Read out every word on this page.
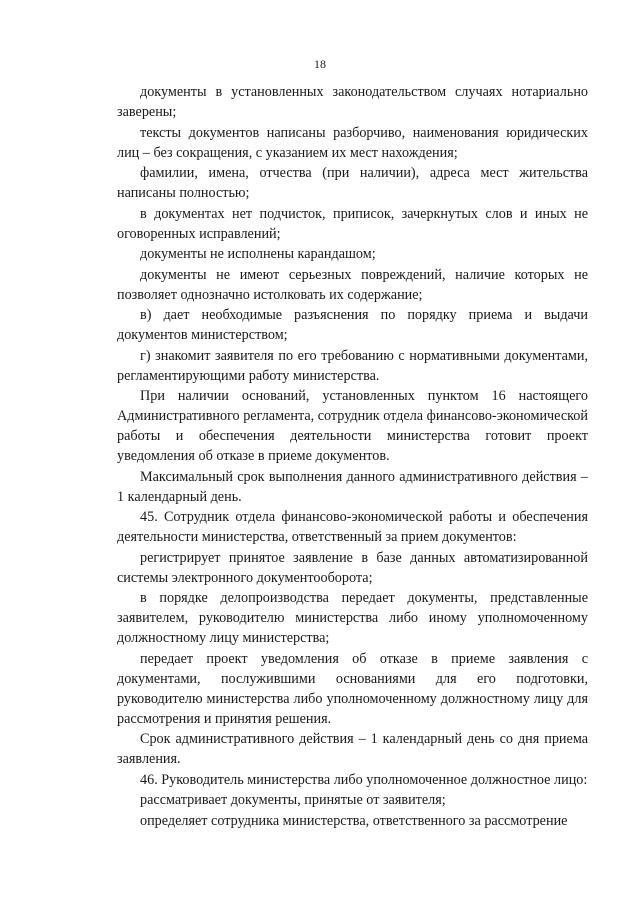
18

документы в установленных законодательством случаях нотариально заверены;

тексты документов написаны разборчиво, наименования юридических лиц – без сокращения, с указанием их мест нахождения;

фамилии, имена, отчества (при наличии), адреса мест жительства написаны полностью;

в документах нет подчисток, приписок, зачеркнутых слов и иных не оговоренных исправлений;

документы не исполнены карандашом;

документы не имеют серьезных повреждений, наличие которых не позволяет однозначно истолковать их содержание;

в) дает необходимые разъяснения по порядку приема и выдачи документов министерством;

г) знакомит заявителя по его требованию с нормативными документами, регламентирующими работу министерства.

При наличии оснований, установленных пунктом 16 настоящего Административного регламента, сотрудник отдела финансово-экономической работы и обеспечения деятельности министерства готовит проект уведомления об отказе в приеме документов.

Максимальный срок выполнения данного административного действия – 1 календарный день.

45. Сотрудник отдела финансово-экономической работы и обеспечения деятельности министерства, ответственный за прием документов:

регистрирует принятое заявление в базе данных автоматизированной системы электронного документооборота;

в порядке делопроизводства передает документы, представленные заявителем, руководителю министерства либо иному уполномоченному должностному лицу министерства;

передает проект уведомления об отказе в приеме заявления с документами, послужившими основаниями для его подготовки, руководителю министерства либо уполномоченному должностному лицу для рассмотрения и принятия решения.

Срок административного действия – 1 календарный день со дня приема заявления.

46. Руководитель министерства либо уполномоченное должностное лицо:

рассматривает документы, принятые от заявителя;

определяет сотрудника министерства, ответственного за рассмотрение
